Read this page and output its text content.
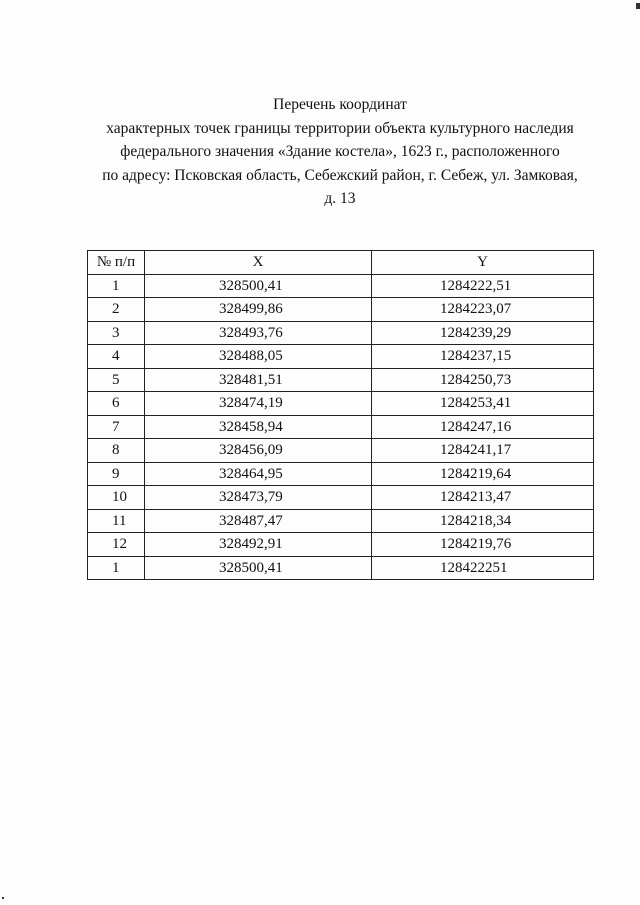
Перечень координат
характерных точек границы территории объекта культурного наследия
федерального значения «Здание костела», 1623 г., расположенного
по адресу: Псковская область, Себежский район, г. Себеж, ул. Замковая,
д. 13
№ п/п	X	Y
1	328500,41	1284222,51
2	328499,86	1284223,07
3	328493,76	1284239,29
4	328488,05	1284237,15
5	328481,51	1284250,73
6	328474,19	1284253,41
7	328458,94	1284247,16
8	328456,09	1284241,17
9	328464,95	1284219,64
10	328473,79	1284213,47
11	328487,47	1284218,34
12	328492,91	1284219,76
1	328500,41	128422251
